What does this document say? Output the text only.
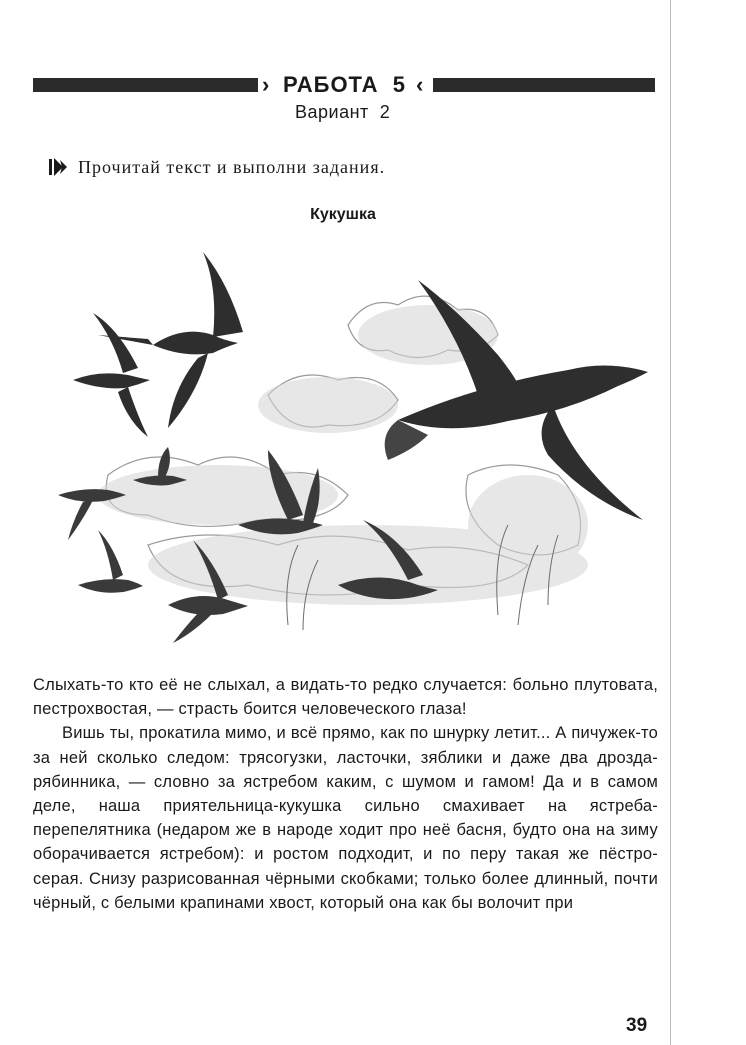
› РАБОТА  5 ‹
Вариант  2
Прочитай текст и выполни задания.
Кукушка

Слыхать-то кто её не слыхал, а видать-то редко случается: больно плутовата, пестрохвостая, — страсть боится человеческого глаза!

Вишь ты, прокатила мимо, и всё прямо, как по шнурку летит... А пичужек-то за ней сколько следом: трясогузки, ласточки, зяблики и даже два дрозда-рябинника, — словно за ястребом каким, с шумом и гамом! Да и в самом деле, наша приятельница-кукушка сильно смахивает на ястреба-перепелятника (недаром же в народе ходит про неё басня, будто она на зиму оборачивается ястребом): и ростом подходит, и по перу такая же пёстро-серая. Снизу разрисованная чёрными скобками; только более длинный, почти чёрный, с белыми крапинами хвост, который она как бы волочит при

39
